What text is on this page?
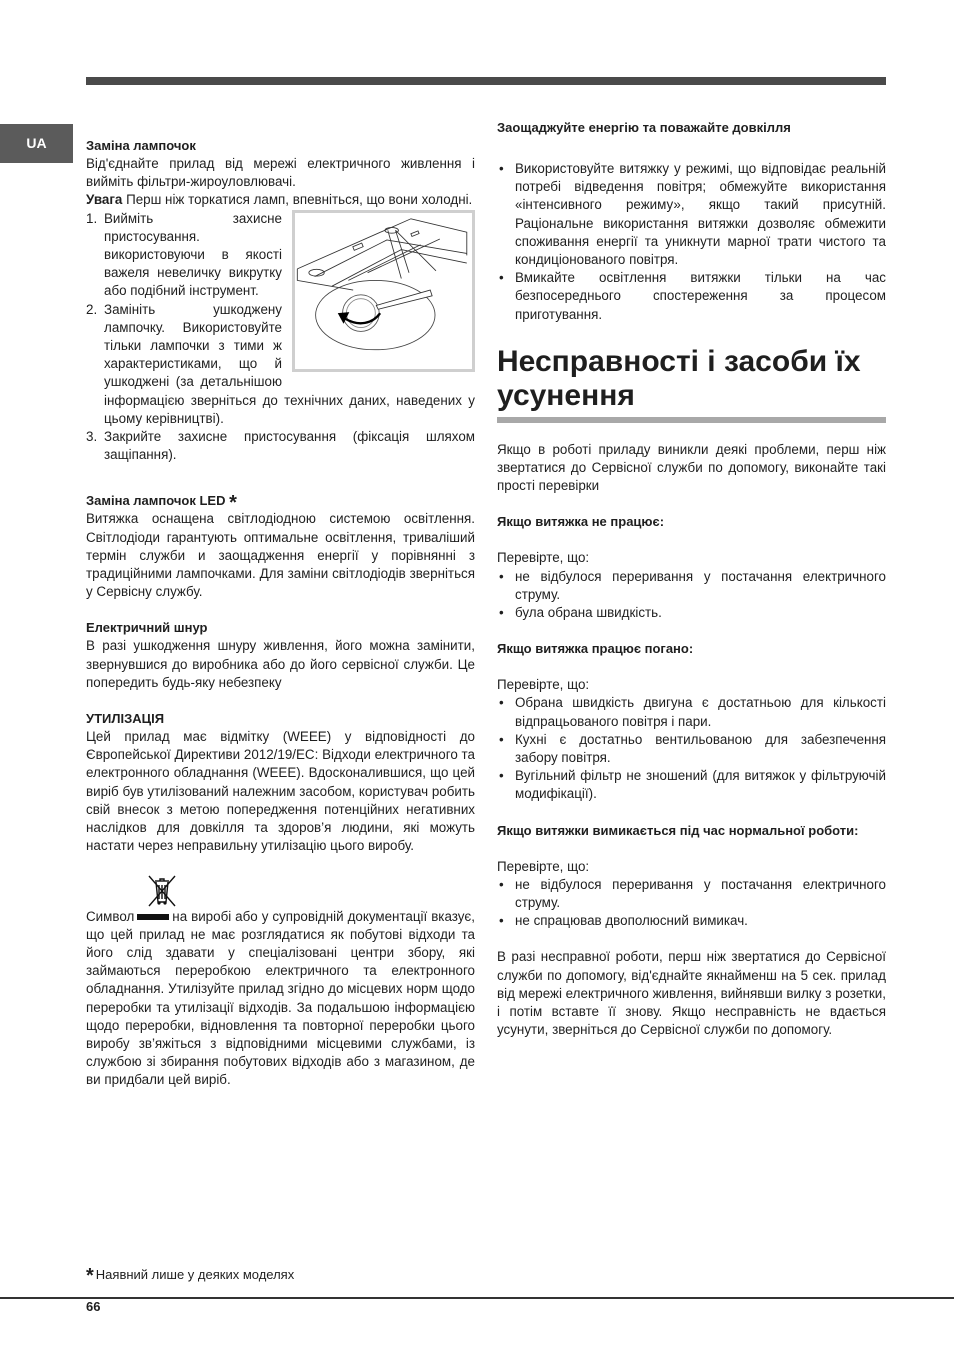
UA	Заміна лампочок

Від'єднайте прилад від мережі електричного живлення і вийміть фільтри-жироуловлювачі.

Увага Перш ніж торкатися ламп, впевніться, що вони холодні.

1. Вийміть захисне пристосування. використовуючи в якості важеля невеличку викрутку або подібний інструмент.
2. Замініть ушкоджену лампочку. Використовуйте тільки лампочки з тими ж характеристиками, що й ушкоджені (за детальнішою інформацією зверніться до технічних даних, наведених у цьому керівництві).
3. Закрийте захисне пристосування (фіксація шляхом защіпання).
Заміна лампочок LED *

Витяжка оснащена світлодіодною системою освітлення. Світлодіоди гарантують оптимальне освітлення, триваліший термін служби и заощадження енергії у порівнянні з традиційними лампочками. Для заміни світлодіодів зверніться у Сервісну службу.

Електричний шнур

В разі ушкодження шнуру живлення, його можна замінити, звернувшися до виробника або до його сервісної служби. Це попередить будь-яку небезпеку

УТИЛІЗАЦІЯ

Цей прилад має відмітку (WEEE) у відповідності до Європейської Директиви 2012/19/EC: Відходи електричного та електронного обладнання (WEEE). Вдосконалившися, що цей виріб був утилізований належним засобом, користувач робить свій внесок з метою попередження потенційних негативних наслідков для довкілля та здоров’я людини, які можуть настати через неправильну утилізацію цього виробу.

Символ	на виробі або у супровідній документації вказує, що цей прилад не має розглядатися як побутові відходи та його слід здавати у спеціалізовані центри збору, які займаються переробкою електричного та електронного обладнання. Утилізуйте прилад згідно до місцевих норм щодо переробки та утилізації відходів. За подальшою інформацією щодо переробки, відновлення та повторної переробки цього виробу зв’яжіться з відповідними місцевими службами, із службою зі збирання побутових відходів або з магазином, де ви придбали цей виріб.

Заощаджуйте енергію та поважайте довкілля
• Використовуйте витяжку у режимі, що відповідає реальній потребі відведення повітря; обмежуйте використання «інтенсивного режиму», якщо такий присутній. Раціональне використання витяжки дозволяє обмежити споживання енергії та уникнути марної трати чистого та кондиціонованого повітря.
• Вмикайте освітлення витяжки тільки на час безпосереднього спостереження за процесом приготування.
Несправності і засоби їх усунення

Якщо в роботі приладу виникли деякі проблеми, перш ніж звертатися до Сервісної служби по допомогу, виконайте такі прості перевірки

Якщо витяжка не працює:

Перевірте, що:

• не відбулося переривання у постачання електричного струму.
• була обрана швидкість.
Якщо витяжка працює погано:

Перевірте, що:

• Обрана швидкість двигуна є достатньою для кількості відпрацьованого повітря і пари.
• Кухні є достатньо вентильованою для забезпечення забору повітря.
• Вугільний фільтр не зношений (для витяжок у фільтруючій модифікації).
Якщо витяжки вимикається під час нормальної роботи:

Перевірте, що:

• не відбулося переривання у постачання електричного струму.
• не спрацював двополюсний вимикач.

В разі несправної роботи, перш ніж звертатися до Сервісної служби по допомогу, від'єднайте якнайменш на 5 сек. прилад від мережі електричного живлення, вийнявши вилку з розетки, і потім вставте її знову. Якщо несправність не вдається усунути, зверніться до Сервісної служби по допомогу.

* Наявний лише у деяких моделях
66
